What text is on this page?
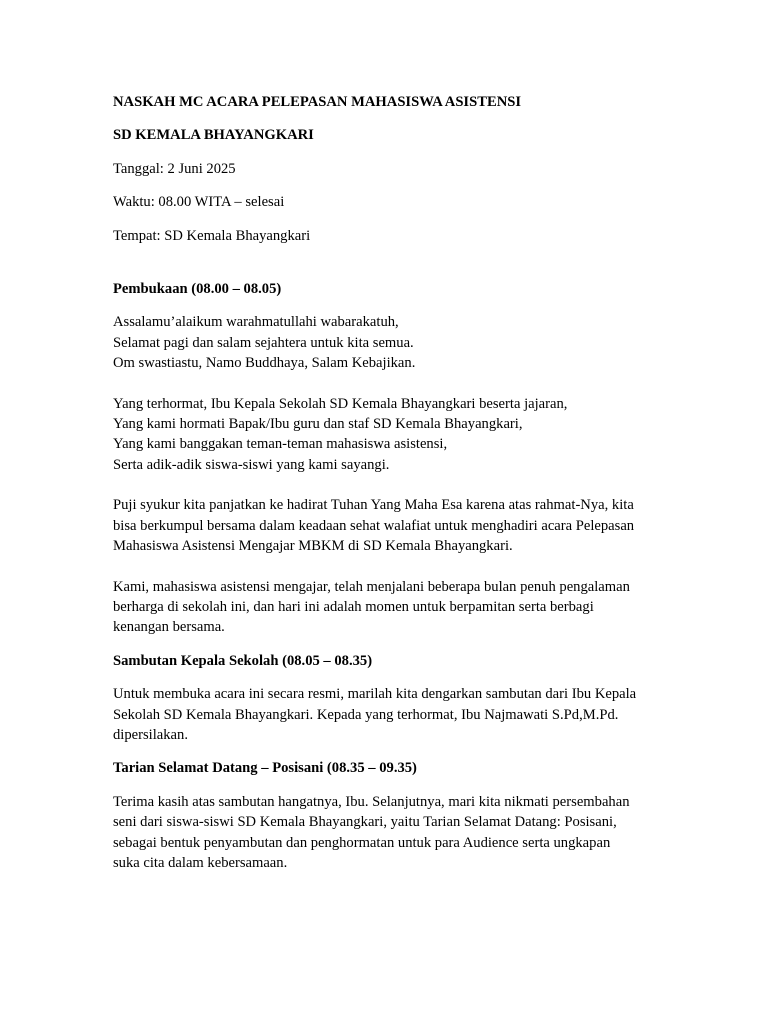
NASKAH MC ACARA PELEPASAN MAHASISWA ASISTENSI

SD KEMALA BHAYANGKARI

Tanggal: 2 Juni 2025

Waktu: 08.00 WITA – selesai

Tempat: SD Kemala Bhayangkari

Pembukaan (08.00 – 08.05)

Assalamu’alaikum warahmatullahi wabarakatuh,
Selamat pagi dan salam sejahtera untuk kita semua.
Om swastiastu, Namo Buddhaya, Salam Kebajikan.

Yang terhormat, Ibu Kepala Sekolah SD Kemala Bhayangkari beserta jajaran,
Yang kami hormati Bapak/Ibu guru dan staf SD Kemala Bhayangkari,
Yang kami banggakan teman-teman mahasiswa asistensi,
Serta adik-adik siswa-siswi yang kami sayangi.

Puji syukur kita panjatkan ke hadirat Tuhan Yang Maha Esa karena atas rahmat-Nya, kita
bisa berkumpul bersama dalam keadaan sehat walafiat untuk menghadiri acara Pelepasan
Mahasiswa Asistensi Mengajar MBKM di SD Kemala Bhayangkari.

Kami, mahasiswa asistensi mengajar, telah menjalani beberapa bulan penuh pengalaman
berharga di sekolah ini, dan hari ini adalah momen untuk berpamitan serta berbagi
kenangan bersama.

Sambutan Kepala Sekolah (08.05 – 08.35)

Untuk membuka acara ini secara resmi, marilah kita dengarkan sambutan dari Ibu Kepala
Sekolah SD Kemala Bhayangkari. Kepada yang terhormat, Ibu Najmawati S.Pd,M.Pd.
dipersilakan.

Tarian Selamat Datang – Posisani (08.35 – 09.35)

Terima kasih atas sambutan hangatnya, Ibu. Selanjutnya, mari kita nikmati persembahan
seni dari siswa-siswi SD Kemala Bhayangkari, yaitu Tarian Selamat Datang: Posisani,
sebagai bentuk penyambutan dan penghormatan untuk para Audience serta ungkapan
suka cita dalam kebersamaan.
